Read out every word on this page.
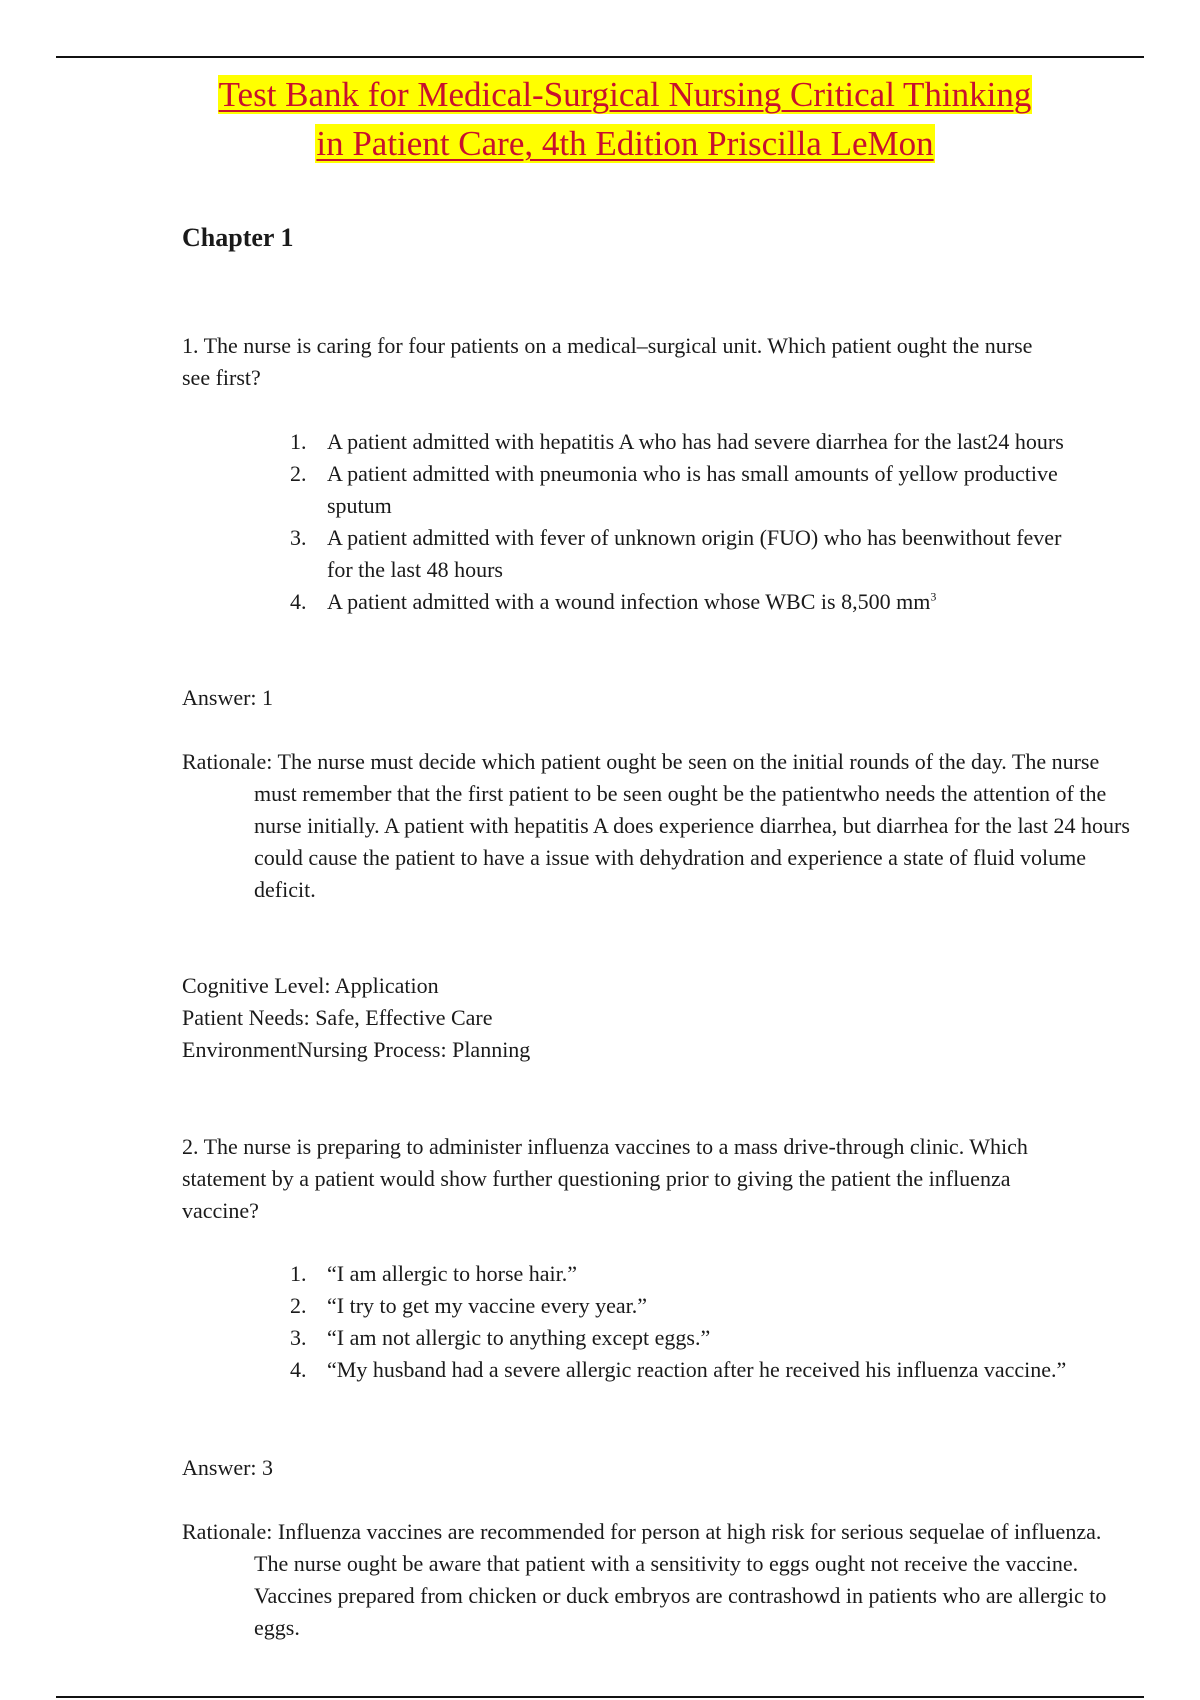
Test Bank for Medical-Surgical Nursing Critical Thinking
in Patient Care, 4th Edition Priscilla LeMon
Chapter 1

1. The nurse is caring for four patients on a medical–surgical unit. Which patient ought the nurse see first?

1. A patient admitted with hepatitis A who has had severe diarrhea for the last24 hours
2. A patient admitted with pneumonia who is has small amounts of yellow productive sputum
3. A patient admitted with fever of unknown origin (FUO) who has beenwithout fever for the last 48 hours
4. A patient admitted with a wound infection whose WBC is 8,500 $mm^3$

Answer: 1

Rationale: The nurse must decide which patient ought be seen on the initial rounds of the day. The nurse must remember that the first patient to be seen ought be the patientwho needs the attention of the nurse initially. A patient with hepatitis A does experience diarrhea, but diarrhea for the last 24 hours could cause the patient to have a issue with dehydration and experience a state of fluid volume deficit.

Cognitive Level: Application
Patient Needs: Safe, Effective Care
EnvironmentNursing Process: Planning

2. The nurse is preparing to administer influenza vaccines to a mass drive-through clinic. Which statement by a patient would show further questioning prior to giving the patient the influenza vaccine?

1. “I am allergic to horse hair.”
2. “I try to get my vaccine every year.”
3. “I am not allergic to anything except eggs.”
4. “My husband had a severe allergic reaction after he received his influenza vaccine.”

Answer: 3

Rationale: Influenza vaccines are recommended for person at high risk for serious sequelae of influenza. The nurse ought be aware that patient with a sensitivity to eggs ought not receive the vaccine. Vaccines prepared from chicken or duck embryos are contrashowd in patients who are allergic to eggs.
